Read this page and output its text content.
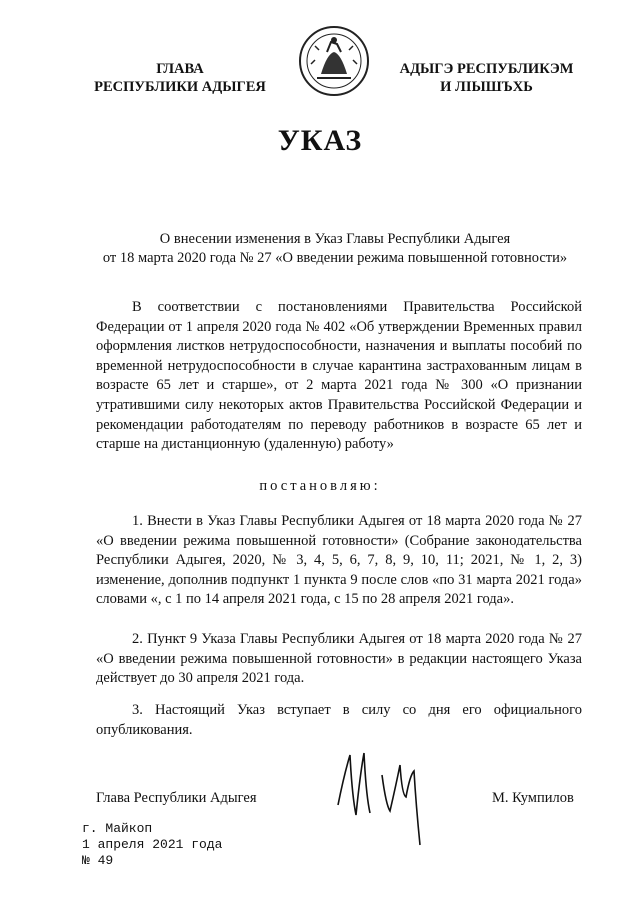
ГЛАВА
РЕСПУБЛИКИ АДЫГЕЯ
АДЫГЭ РЕСПУБЛИКЭМ
И ЛІЫШЪХЬ
УКАЗ
О внесении изменения в Указ Главы Республики Адыгея
от 18 марта 2020 года № 27 «О введении режима повышенной готовности»
В соответствии с постановлениями Правительства Российской Федерации от 1 апреля 2020 года № 402 «Об утверждении Временных правил оформления листков нетрудоспособности, назначения и выплаты пособий по временной нетрудоспособности в случае карантина застрахованным лицам в возрасте 65 лет и старше», от 2 марта 2021 года № 300 «О признании утратившими силу некоторых актов Правительства Российской Федерации и рекомендации работодателям по переводу работников в возрасте 65 лет и старше на дистанционную (удаленную) работу»
постановляю:
1. Внести в Указ Главы Республики Адыгея от 18 марта 2020 года № 27 «О введении режима повышенной готовности» (Собрание законодательства Республики Адыгея, 2020, № 3, 4, 5, 6, 7, 8, 9, 10, 11; 2021, № 1, 2, 3) изменение, дополнив подпункт 1 пункта 9 после слов «по 31 марта 2021 года» словами «, с 1 по 14 апреля 2021 года, с 15 по 28 апреля 2021 года».
2. Пункт 9 Указа Главы Республики Адыгея от 18 марта 2020 года № 27 «О введении режима повышенной готовности» в редакции настоящего Указа действует до 30 апреля 2021 года.
3. Настоящий Указ вступает в силу со дня его официального опубликования.
Глава Республики Адыгея	М. Кумпилов
г. Майкоп
1 апреля 2021 года
№ 49
